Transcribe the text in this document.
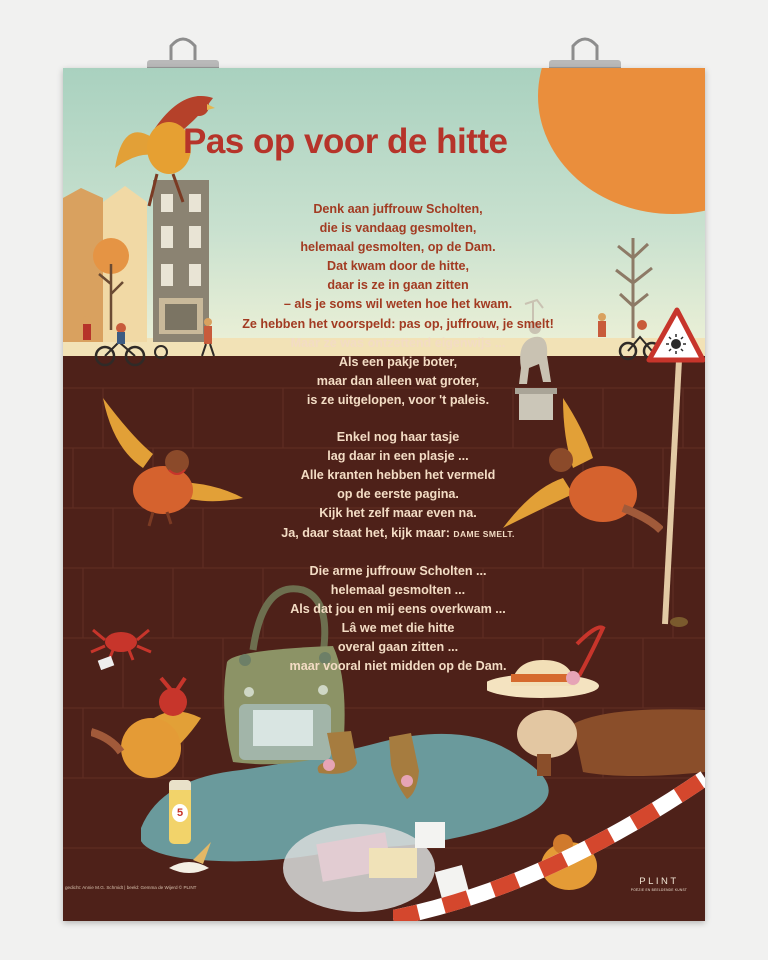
5
Pas op voor de hitte
Denk aan juffrouw Scholten,
die is vandaag gesmolten,
helemaal gesmolten, op de Dam.
Dat kwam door de hitte,
daar is ze in gaan zitten
– als je soms wil weten hoe het kwam.
Ze hebben het voorspeld: pas op, juffrouw, je smelt!
Maar ze was ontzettend eigenwijs ...
Als een pakje boter,
maar dan alleen wat groter,
is ze uitgelopen, voor 't paleis.
Enkel nog haar tasje
lag daar in een plasje ...
Alle kranten hebben het vermeld
op de eerste pagina.
Kijk het zelf maar even na.
Ja, daar staat het, kijk maar: DAME SMELT.
Die arme juffrouw Scholten ...
helemaal gesmolten ...
Als dat jou en mij eens overkwam ...
Lâ we met die hitte
overal gaan zitten ...
maar vooral niet midden op de Dam.
gedicht: Annie M.G. Schmidt | beeld: Gemma de Wijerd © PLINT
PLINT
POËZIE EN BEELDENDE KUNST
